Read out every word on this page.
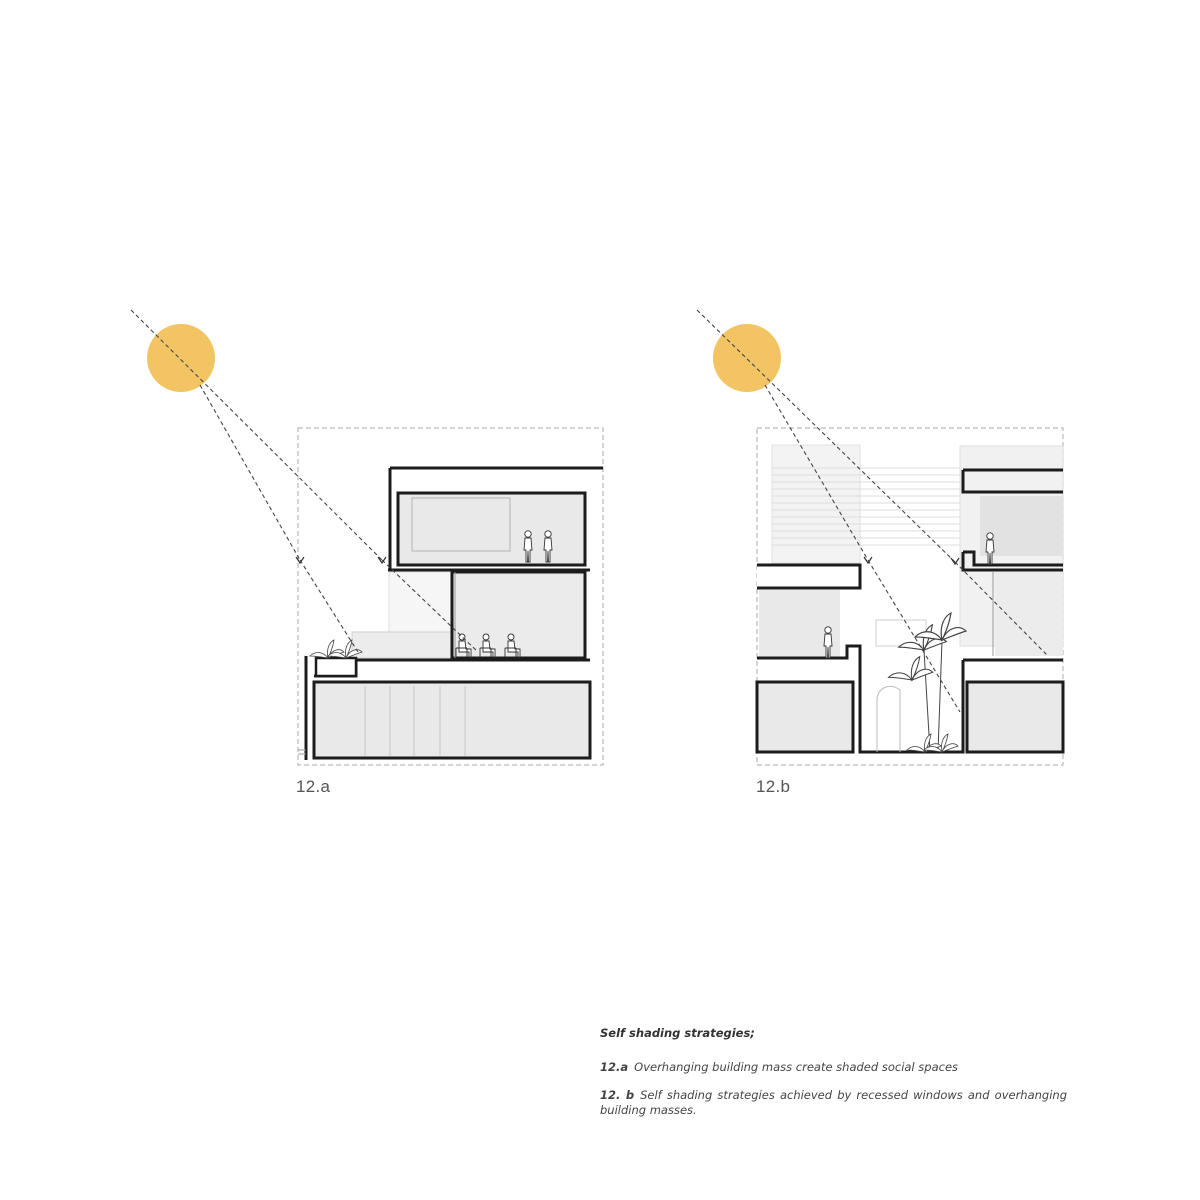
12.a	12.b
Self shading strategies;
12.a Overhanging building mass create shaded social spaces
12. b Self shading strategies achieved by recessed windows and overhanging building masses.
